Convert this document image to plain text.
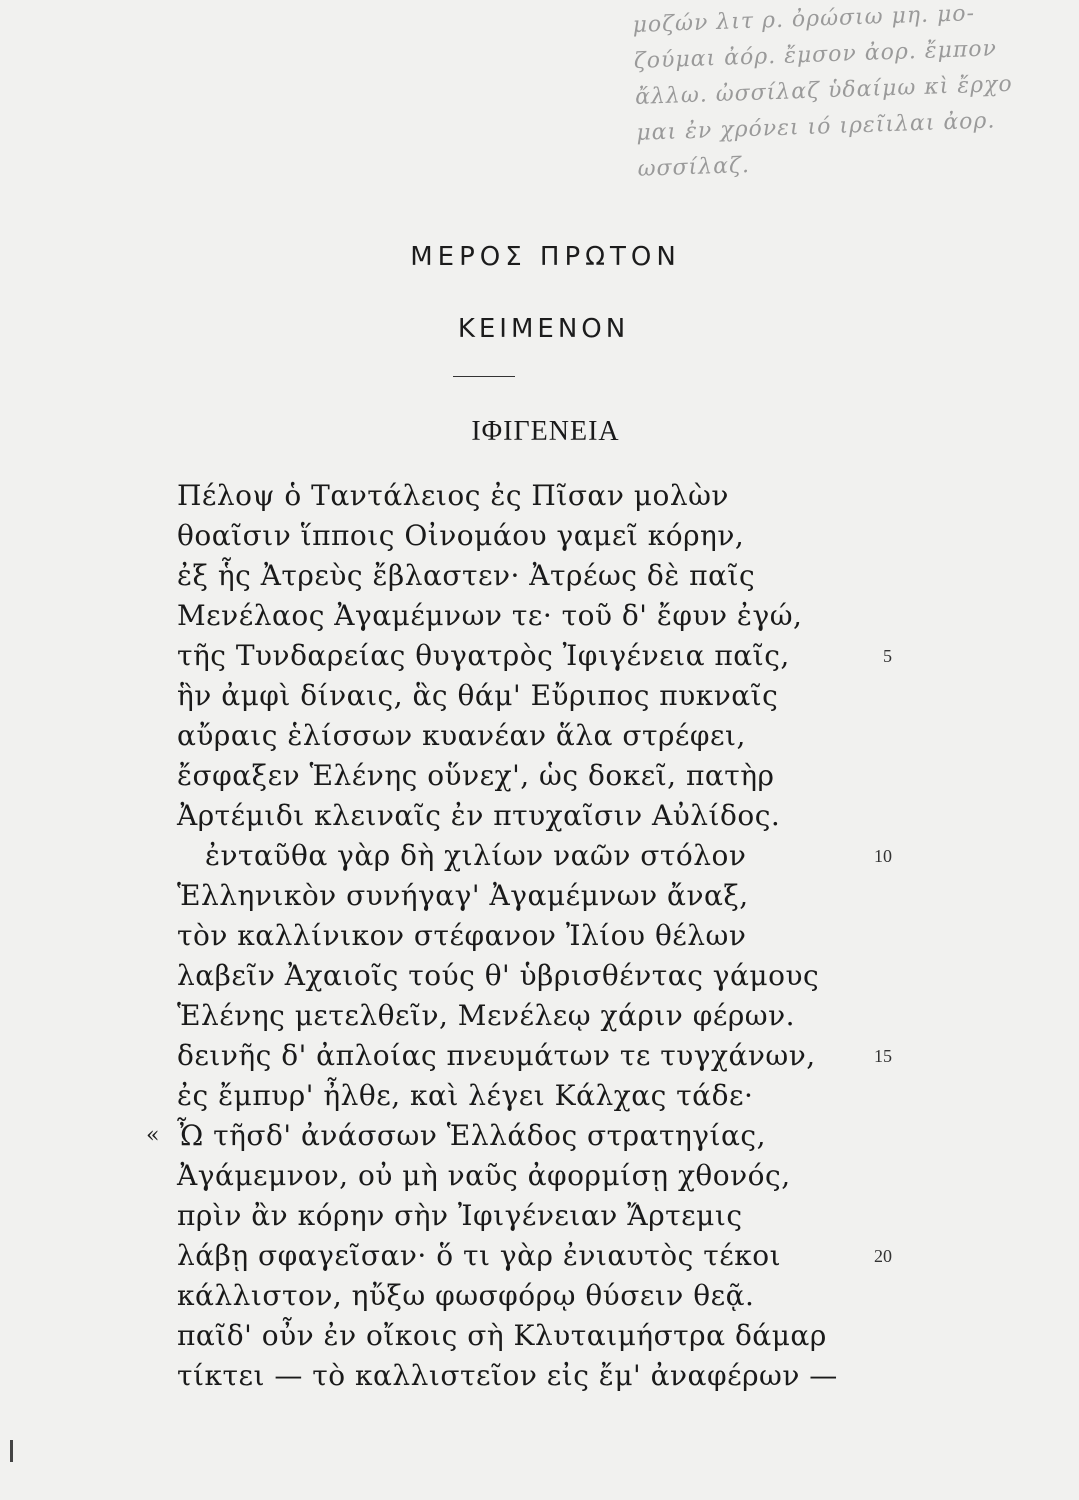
μοζών λιτ ρ. ὀρώσιω μη. μο-
ζούμαι ἀόρ. ἔμσον ἀορ. ἔμπον
ἄλλω. ὠσσίλαζ ὑδαίμω κὶ ἔρχο
μαι ἐν χρόνει ιό ιρεῖιλαι ἀορ.
ωσσίλαζ.
ΜΕΡΟΣ ΠΡΩΤΟΝ
ΚΕΙΜΕΝΟΝ
ΙΦΙΓΕΝΕΙΑ
Πέλοψ ὁ Ταντάλειος ἐς Πῖσαν μολὼν
θοαῖσιν ἵπποις Οἰνομάου γαμεῖ κόρην,
ἐξ ἧς Ἀτρεὺς ἔβλαστεν· Ἀτρέως δὲ παῖς
Μενέλαος Ἀγαμέμνων τε· τοῦ δ' ἔφυν ἐγώ,
τῆς Τυνδαρείας θυγατρὸς Ἰφιγένεια παῖς,	5
ἣν ἀμφὶ δίναις, ἃς θάμ' Εὔριπος πυκναῖς
αὔραις ἑλίσσων κυανέαν ἅλα στρέφει,
ἔσφαξεν Ἑλένης οὕνεχ', ὡς δοκεῖ, πατὴρ
Ἀρτέμιδι κλειναῖς ἐν πτυχαῖσιν Αὐλίδος.
ἐνταῦθα γὰρ δὴ χιλίων ναῶν στόλον	10
Ἑλληνικὸν συνήγαγ' Ἀγαμέμνων ἄναξ,
τὸν καλλίνικον στέφανον Ἰλίου θέλων
λαβεῖν Ἀχαιοῖς τούς θ' ὑβρισθέντας γάμους
Ἑλένης μετελθεῖν, Μενέλεῳ χάριν φέρων.
δεινῆς δ' ἀπλοίας πνευμάτων τε τυγχάνων,	15
ἐς ἔμπυρ' ἦλθε, καὶ λέγει Κάλχας τάδε·
« Ὦ τῆσδ' ἀνάσσων Ἑλλάδος στρατηγίας,
Ἀγάμεμνον, οὐ μὴ ναῦς ἀφορμίσῃ χθονός,
πρὶν ἂν κόρην σὴν Ἰφιγένειαν Ἄρτεμις
λάβῃ σφαγεῖσαν· ὅ τι γὰρ ἐνιαυτὸς τέκοι	20
κάλλιστον, ηὔξω φωσφόρῳ θύσειν θεᾷ.
παῖδ' οὖν ἐν οἴκοις σὴ Κλυταιμήστρα δάμαρ
τίκτει — τὸ καλλιστεῖον εἰς ἔμ' ἀναφέρων —
